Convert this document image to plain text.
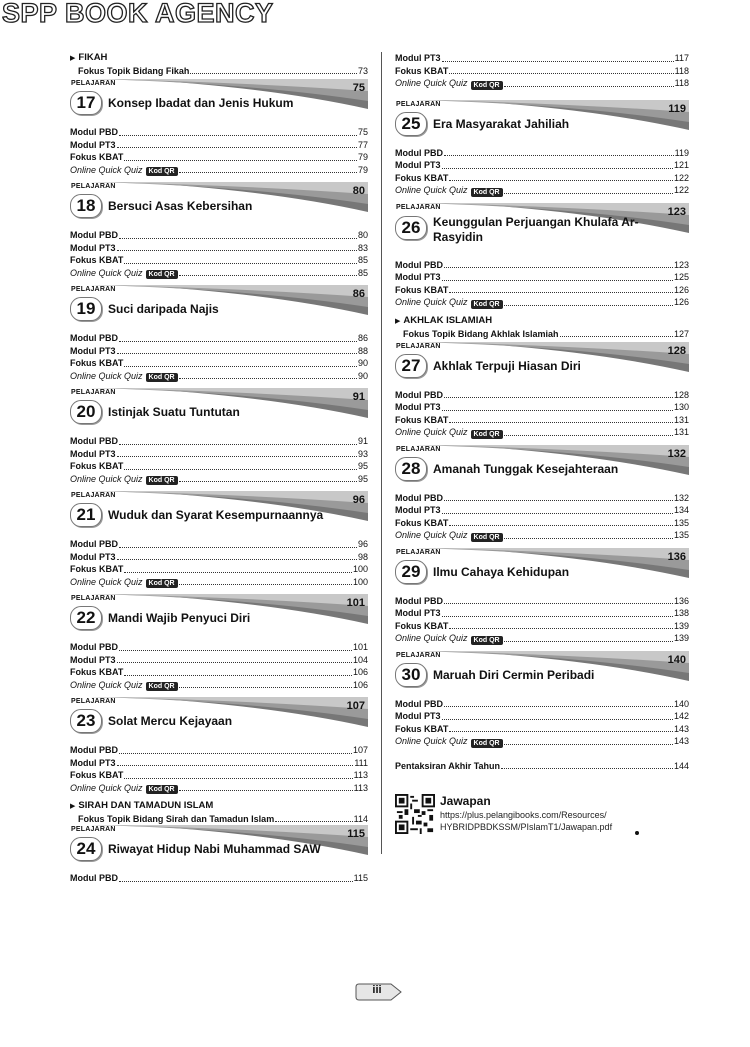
SPP BOOK AGENCY
▶ FIKAH
Fokus Topik Bidang Fikah	73
PELAJARAN	75
17	Konsep Ibadat dan Jenis Hukum
Modul PBD	75
Modul PT3	77
Fokus KBAT	79
Online Quick Quiz Kod QR	79
PELAJARAN	80
18	Bersuci Asas Kebersihan
Modul PBD	80
Modul PT3	83
Fokus KBAT	85
Online Quick Quiz Kod QR	85
PELAJARAN	86
19	Suci daripada Najis
Modul PBD	86
Modul PT3	88
Fokus KBAT	90
Online Quick Quiz Kod QR	90
PELAJARAN	91
20	Istinjak Suatu Tuntutan
Modul PBD	91
Modul PT3	93
Fokus KBAT	95
Online Quick Quiz Kod QR	95
PELAJARAN	96
21	Wuduk dan Syarat Kesempurnaannya
Modul PBD	96
Modul PT3	98
Fokus KBAT	100
Online Quick Quiz Kod QR	100
PELAJARAN	101
22	Mandi Wajib Penyuci Diri
Modul PBD	101
Modul PT3	104
Fokus KBAT	106
Online Quick Quiz Kod QR	106
PELAJARAN	107
23	Solat Mercu Kejayaan
Modul PBD	107
Modul PT3	111
Fokus KBAT	113
Online Quick Quiz Kod QR	113
▶ SIRAH DAN TAMADUN ISLAM
Fokus Topik Bidang Sirah dan Tamadun Islam	114
PELAJARAN	115
24	Riwayat Hidup Nabi Muhammad SAW
Modul PBD	115
Modul PT3	117
Fokus KBAT	118
Online Quick Quiz Kod QR	118
PELAJARAN	119
25	Era Masyarakat Jahiliah
Modul PBD	119
Modul PT3	121
Fokus KBAT	122
Online Quick Quiz Kod QR	122
PELAJARAN	123
26	Keunggulan Perjuangan Khulafa Ar-Rasyidin
Modul PBD	123
Modul PT3	125
Fokus KBAT	126
Online Quick Quiz Kod QR	126
▶ AKHLAK ISLAMIAH
Fokus Topik Bidang Akhlak Islamiah	127
PELAJARAN	128
27	Akhlak Terpuji Hiasan Diri
Modul PBD	128
Modul PT3	130
Fokus KBAT	131
Online Quick Quiz Kod QR	131
PELAJARAN	132
28	Amanah Tunggak Kesejahteraan
Modul PBD	132
Modul PT3	134
Fokus KBAT	135
Online Quick Quiz Kod QR	135
PELAJARAN	136
29	Ilmu Cahaya Kehidupan
Modul PBD	136
Modul PT3	138
Fokus KBAT	139
Online Quick Quiz Kod QR	139
PELAJARAN	140
30	Maruah Diri Cermin Peribadi
Modul PBD	140
Modul PT3	142
Fokus KBAT	143
Online Quick Quiz Kod QR	143
Pentaksiran Akhir Tahun	144
Jawapan
https://plus.pelangibooks.com/Resources/
HYBRIDPBDKSSM/PIslamT1/Jawapan.pdf
iii
